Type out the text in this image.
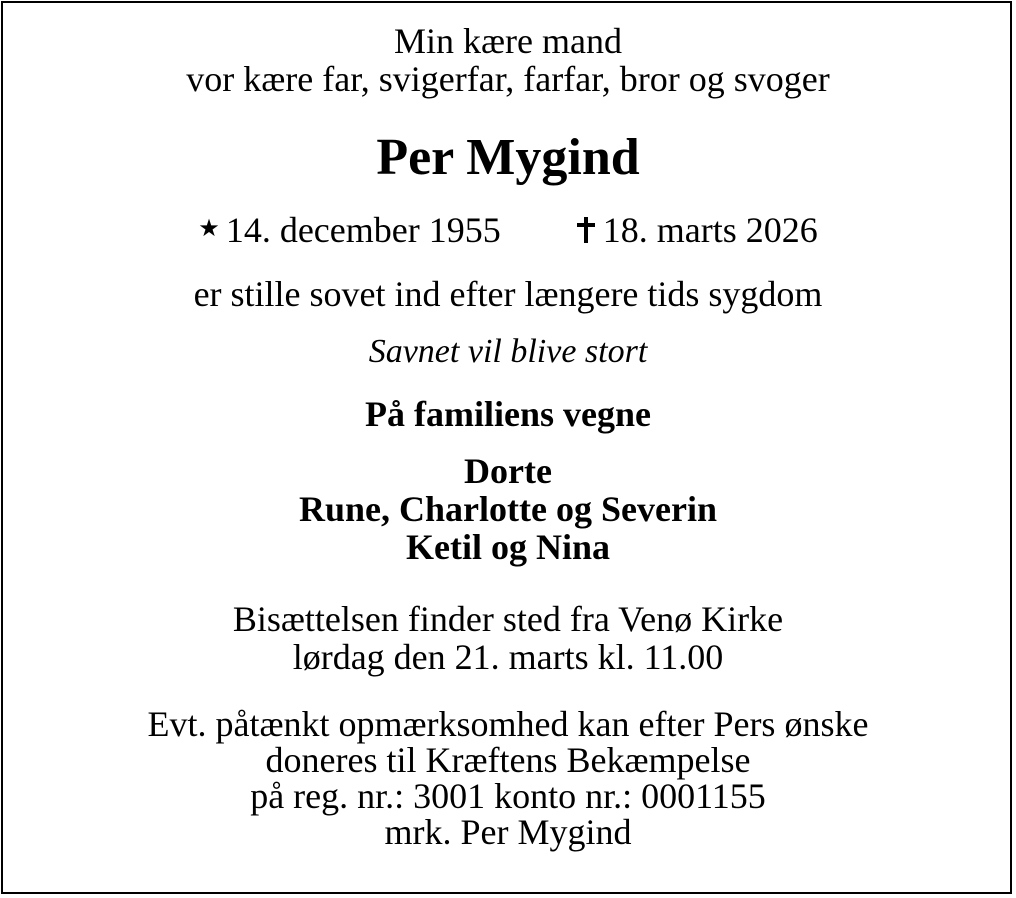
Min kære mand
vor kære far, svigerfar, farfar, bror og svoger
Per Mygind
★ 14. december 1955	18. marts 2026
er stille sovet ind efter længere tids sygdom
Savnet vil blive stort
På familiens vegne
Dorte
Rune, Charlotte og Severin
Ketil og Nina
Bisættelsen finder sted fra Venø Kirke
lørdag den 21. marts kl. 11.00
Evt. påtænkt opmærksomhed kan efter Pers ønske
doneres til Kræftens Bekæmpelse
på reg. nr.: 3001 konto nr.: 0001155
mrk. Per Mygind
